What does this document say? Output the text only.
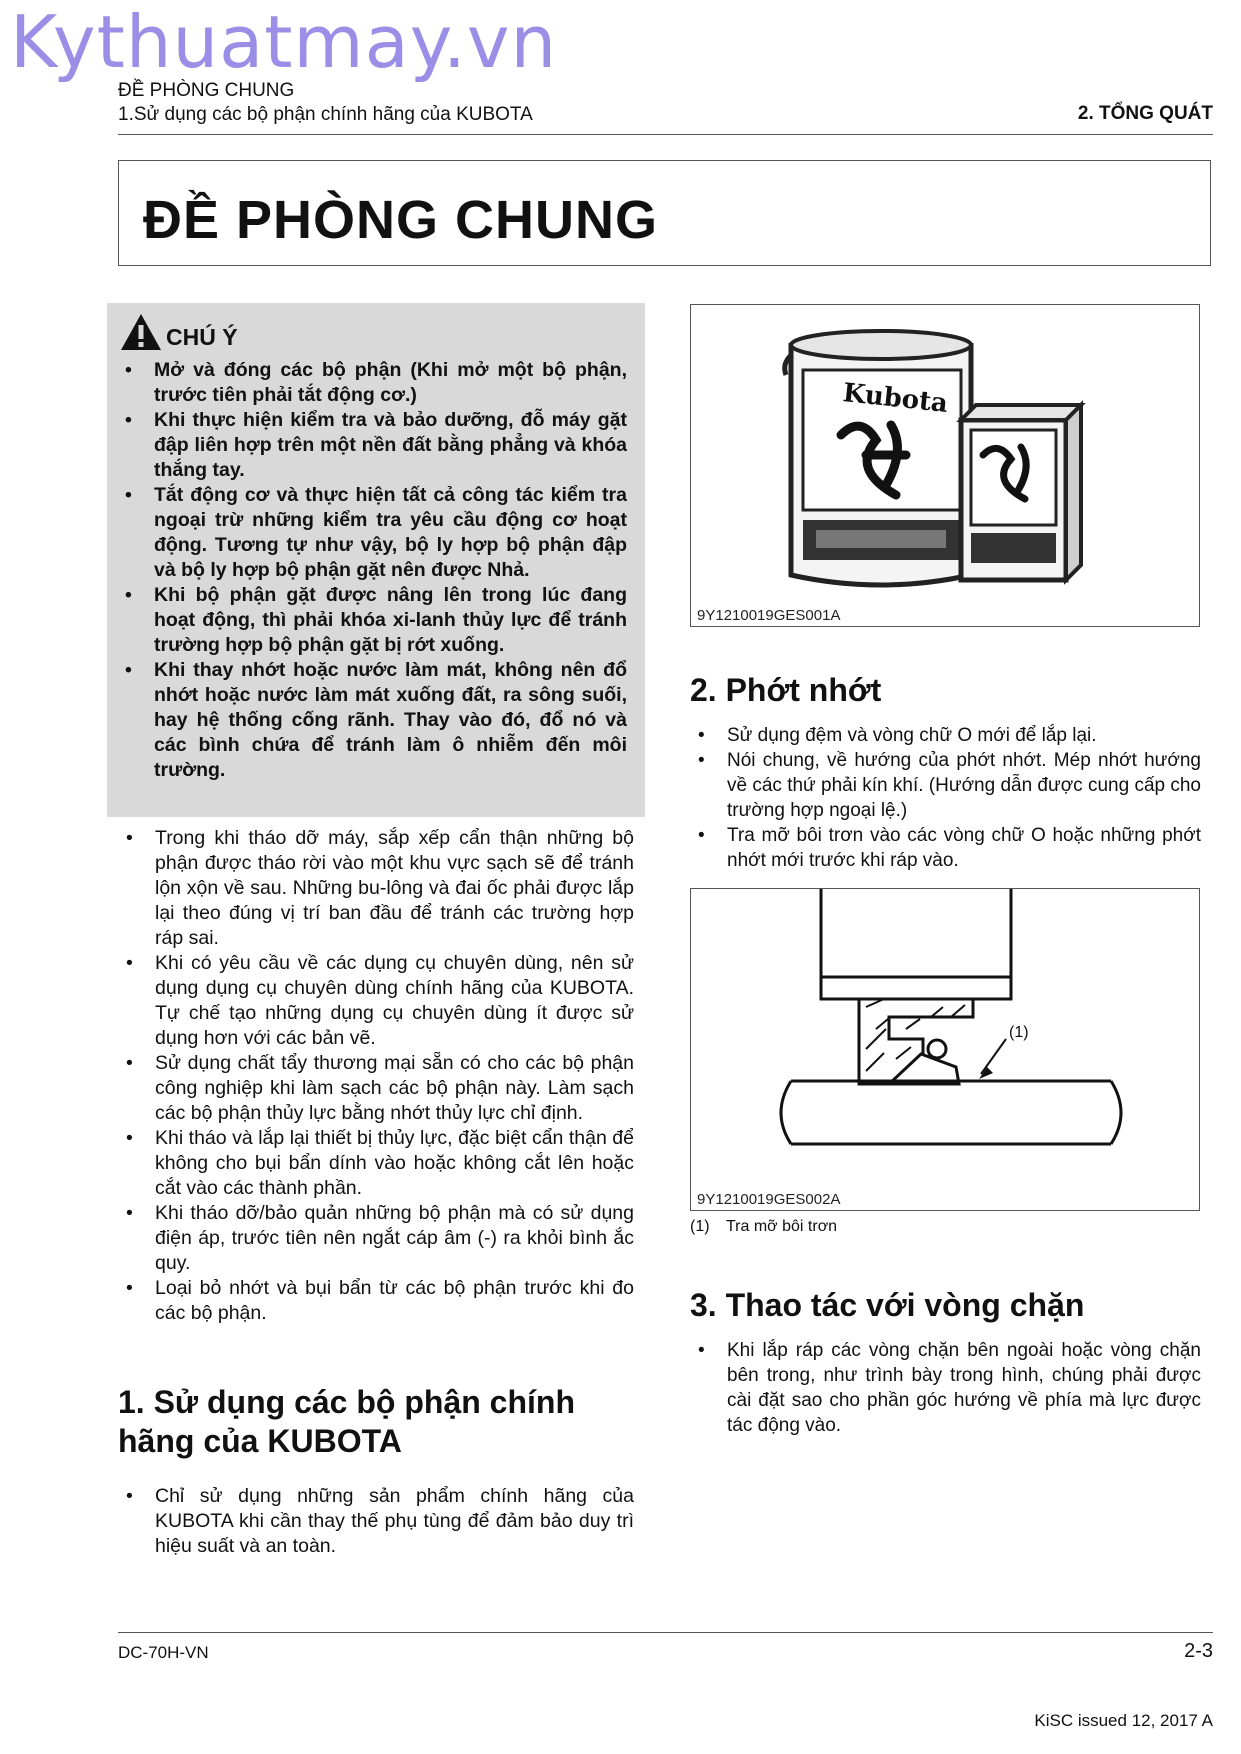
Kythuatmay.vn
ĐỀ PHÒNG CHUNG
1.Sử dụng các bộ phận chính hãng của KUBOTA	2. TỔNG QUÁT
ĐỀ PHÒNG CHUNG
CHÚ Ý
• Mở và đóng các bộ phận (Khi mở một bộ phận, trước tiên phải tắt động cơ.)
• Khi thực hiện kiểm tra và bảo dưỡng, đỗ máy gặt đập liên hợp trên một nền đất bằng phẳng và khóa thắng tay.
• Tắt động cơ và thực hiện tất cả công tác kiểm tra ngoại trừ những kiểm tra yêu cầu động cơ hoạt động. Tương tự như vậy, bộ ly hợp bộ phận đập và bộ ly hợp bộ phận gặt nên được Nhả.
• Khi bộ phận gặt được nâng lên trong lúc đang hoạt động, thì phải khóa xi-lanh thủy lực để tránh trường hợp bộ phận gặt bị rớt xuống.
• Khi thay nhớt hoặc nước làm mát, không nên đổ nhớt hoặc nước làm mát xuống đất, ra sông suối, hay hệ thống cống rãnh. Thay vào đó, đổ nó và các bình chứa để tránh làm ô nhiễm đến môi trường.
• Trong khi tháo dỡ máy, sắp xếp cẩn thận những bộ phận được tháo rời vào một khu vực sạch sẽ để tránh lộn xộn về sau. Những bu-lông và đai ốc phải được lắp lại theo đúng vị trí ban đầu để tránh các trường hợp ráp sai.
• Khi có yêu cầu về các dụng cụ chuyên dùng, nên sử dụng dụng cụ chuyên dùng chính hãng của KUBOTA. Tự chế tạo những dụng cụ chuyên dùng ít được sử dụng hơn với các bản vẽ.
• Sử dụng chất tẩy thương mại sẵn có cho các bộ phận công nghiệp khi làm sạch các bộ phận này. Làm sạch các bộ phận thủy lực bằng nhớt thủy lực chỉ định.
• Khi tháo và lắp lại thiết bị thủy lực, đặc biệt cẩn thận để không cho bụi bẩn dính vào hoặc không cắt lên hoặc cắt vào các thành phần.
• Khi tháo dỡ/bảo quản những bộ phận mà có sử dụng điện áp, trước tiên nên ngắt cáp âm (-) ra khỏi bình ắc quy.
• Loại bỏ nhớt và bụi bẩn từ các bộ phận trước khi đo các bộ phận.
1. Sử dụng các bộ phận chính hãng của KUBOTA
• Chỉ sử dụng những sản phẩm chính hãng của KUBOTA khi cần thay thế phụ tùng để đảm bảo duy trì hiệu suất và an toàn.
Kubota
9Y1210019GES001A
2. Phớt nhớt
• Sử dụng đệm và vòng chữ O mới để lắp lại.
• Nói chung, về hướng của phớt nhớt. Mép nhớt hướng về các thứ phải kín khí. (Hướng dẫn được cung cấp cho trường hợp ngoại lệ.)
• Tra mỡ bôi trơn vào các vòng chữ O hoặc những phớt nhớt mới trước khi ráp vào.
(1)
9Y1210019GES002A
(1) Tra mỡ bôi trơn
3. Thao tác với vòng chặn
• Khi lắp ráp các vòng chặn bên ngoài hoặc vòng chặn bên trong, như trình bày trong hình, chúng phải được cài đặt sao cho phần góc hướng về phía mà lực được tác động vào.
DC-70H-VN	2-3
KiSC issued 12, 2017 A
